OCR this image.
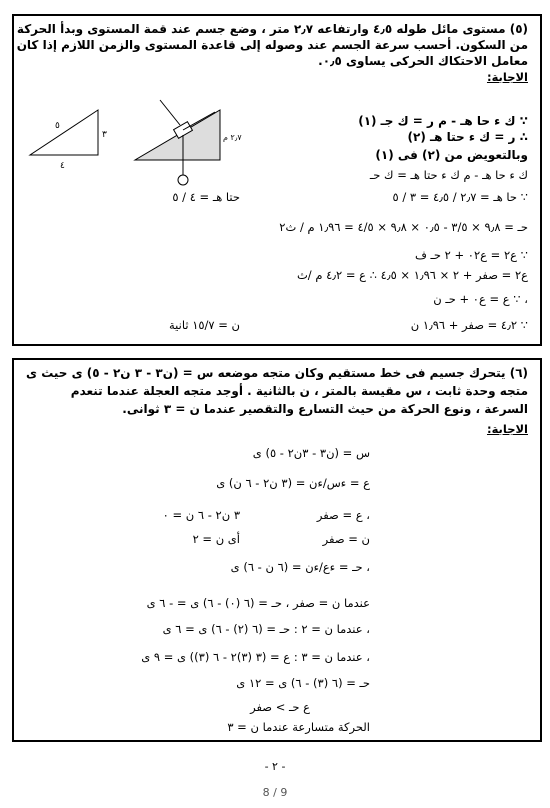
(٥) مستوى مائل طوله ٤٫٥ وارتفاعه ٢٫٧ متر ، وضع جسم عند قمة المستوى وبدأ الحركة
من السكون. أحسب سرعة الجسم عند وصوله إلى قاعدة المستوى والزمن اللازم إذا كان
معامل الاحتكاك الحركى يساوى ٠٫٥.
الاجابة:
٤
٣
٥
٢٫٧ م
∵ ك ء حا هـ - م ر = ك جـ (١)
∴ ر = ك ء حتا هـ (٢)
وبالتعويض من (٢) فى (١)
ك ء حا هـ - م ك ء حتا هـ = ك حـ
∵ حا هـ = ٢٫٧ / ٤٫٥ = ٣ / ٥
حتا هـ = ٤ / ٥
حـ = ٩٫٨ × ٣/٥ - ٠٫٥ × ٩٫٨ × ٤/٥ = ١٫٩٦ م / ث٢
∵ ع٢ = ع٠٢ + ٢ حـ ف
ع٢ = صفر + ٢ × ١٫٩٦ × ٤٫٥ ∴ ع = ٤٫٢ م /ث
، ∵ ع = ع٠ + حـ ن
∵ ٤٫٢ = صفر + ١٫٩٦ ن
ن = ١٥/٧ ثانية
(٦) يتحرك جسيم فى خط مستقيم وكان متجه موضعه س = (ن٣ - ٣ ن٢ - ٥) ى حيث ى
متجه وحدة ثابت ، س مقيسة بالمتر ، ن بالثانية . أوجد متجه العجلة عندما تنعدم
السرعة ، ونوع الحركة من حيث التسارع والتقصير عندما ن = ٣ ثوانى.
الاجابة:
س = (ن٣ - ٣ن٢ - ٥) ى
ع = ءس/ءن = (٣ ن٢ - ٦ ن) ى
، ع = صفر
٣ ن٢ - ٦ ن = ٠
ن = صفر
أى ن = ٢
، حـ = ءع/ءن = (٦ ن - ٦) ى
عندما ن = صفر ، حـ = (٦ (٠) - ٦) ى = - ٦ ى
، عندما ن = ٢ : حـ = (٦ (٢) - ٦) ى = ٦ ى
، عندما ن = ٣ : ع = (٣ (٣)٢ - ٦ (٣)) ى = ٩ ى
حـ = (٦ (٣) - ٦) ى = ١٢ ى
ع حـ > صفر
الحركة متسارعة عندما ن = ٣
- ٢ -
8 / 9
